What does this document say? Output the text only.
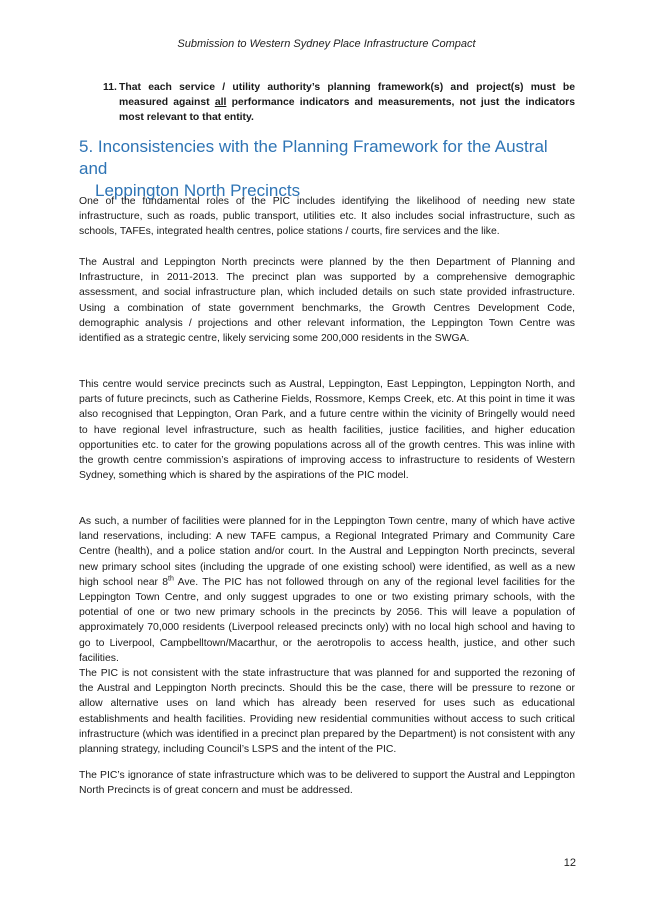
Submission to Western Sydney Place Infrastructure Compact
11. That each service / utility authority’s planning framework(s) and project(s) must be measured against all performance indicators and measurements, not just the indicators most relevant to that entity.
5. Inconsistencies with the Planning Framework for the Austral and
Leppington North Precincts
One of the fundamental roles of the PIC includes identifying the likelihood of needing new state infrastructure, such as roads, public transport, utilities etc. It also includes social infrastructure, such as schools, TAFEs, integrated health centres, police stations / courts, fire services and the like.
The Austral and Leppington North precincts were planned by the then Department of Planning and Infrastructure, in 2011-2013. The precinct plan was supported by a comprehensive demographic assessment, and social infrastructure plan, which included details on such state provided infrastructure. Using a combination of state government benchmarks, the Growth Centres Development Code, demographic analysis / projections and other relevant information, the Leppington Town Centre was identified as a strategic centre, likely servicing some 200,000 residents in the SWGA.
This centre would service precincts such as Austral, Leppington, East Leppington, Leppington North, and parts of future precincts, such as Catherine Fields, Rossmore, Kemps Creek, etc. At this point in time it was also recognised that Leppington, Oran Park, and a future centre within the vicinity of Bringelly would need to have regional level infrastructure, such as health facilities, justice facilities, and higher education opportunities etc. to cater for the growing populations across all of the growth centres. This was inline with the growth centre commission’s aspirations of improving access to infrastructure to residents of Western Sydney, something which is shared by the aspirations of the PIC model.
As such, a number of facilities were planned for in the Leppington Town centre, many of which have active land reservations, including: A new TAFE campus, a Regional Integrated Primary and Community Care Centre (health), and a police station and/or court. In the Austral and Leppington North precincts, several new primary school sites (including the upgrade of one existing school) were identified, as well as a new high school near 8th Ave. The PIC has not followed through on any of the regional level facilities for the Leppington Town Centre, and only suggest upgrades to one or two existing primary schools, with the potential of one or two new primary schools in the precincts by 2056. This will leave a population of approximately 70,000 residents (Liverpool released precincts only) with no local high school and having to go to Liverpool, Campbelltown/Macarthur, or the aerotropolis to access health, justice, and other such facilities.
The PIC is not consistent with the state infrastructure that was planned for and supported the rezoning of the Austral and Leppington North precincts. Should this be the case, there will be pressure to rezone or allow alternative uses on land which has already been reserved for uses such as educational establishments and health facilities. Providing new residential communities without access to such critical infrastructure (which was identified in a precinct plan prepared by the Department) is not consistent with any planning strategy, including Council’s LSPS and the intent of the PIC.
The PIC’s ignorance of state infrastructure which was to be delivered to support the Austral and Leppington North Precincts is of great concern and must be addressed.
12
